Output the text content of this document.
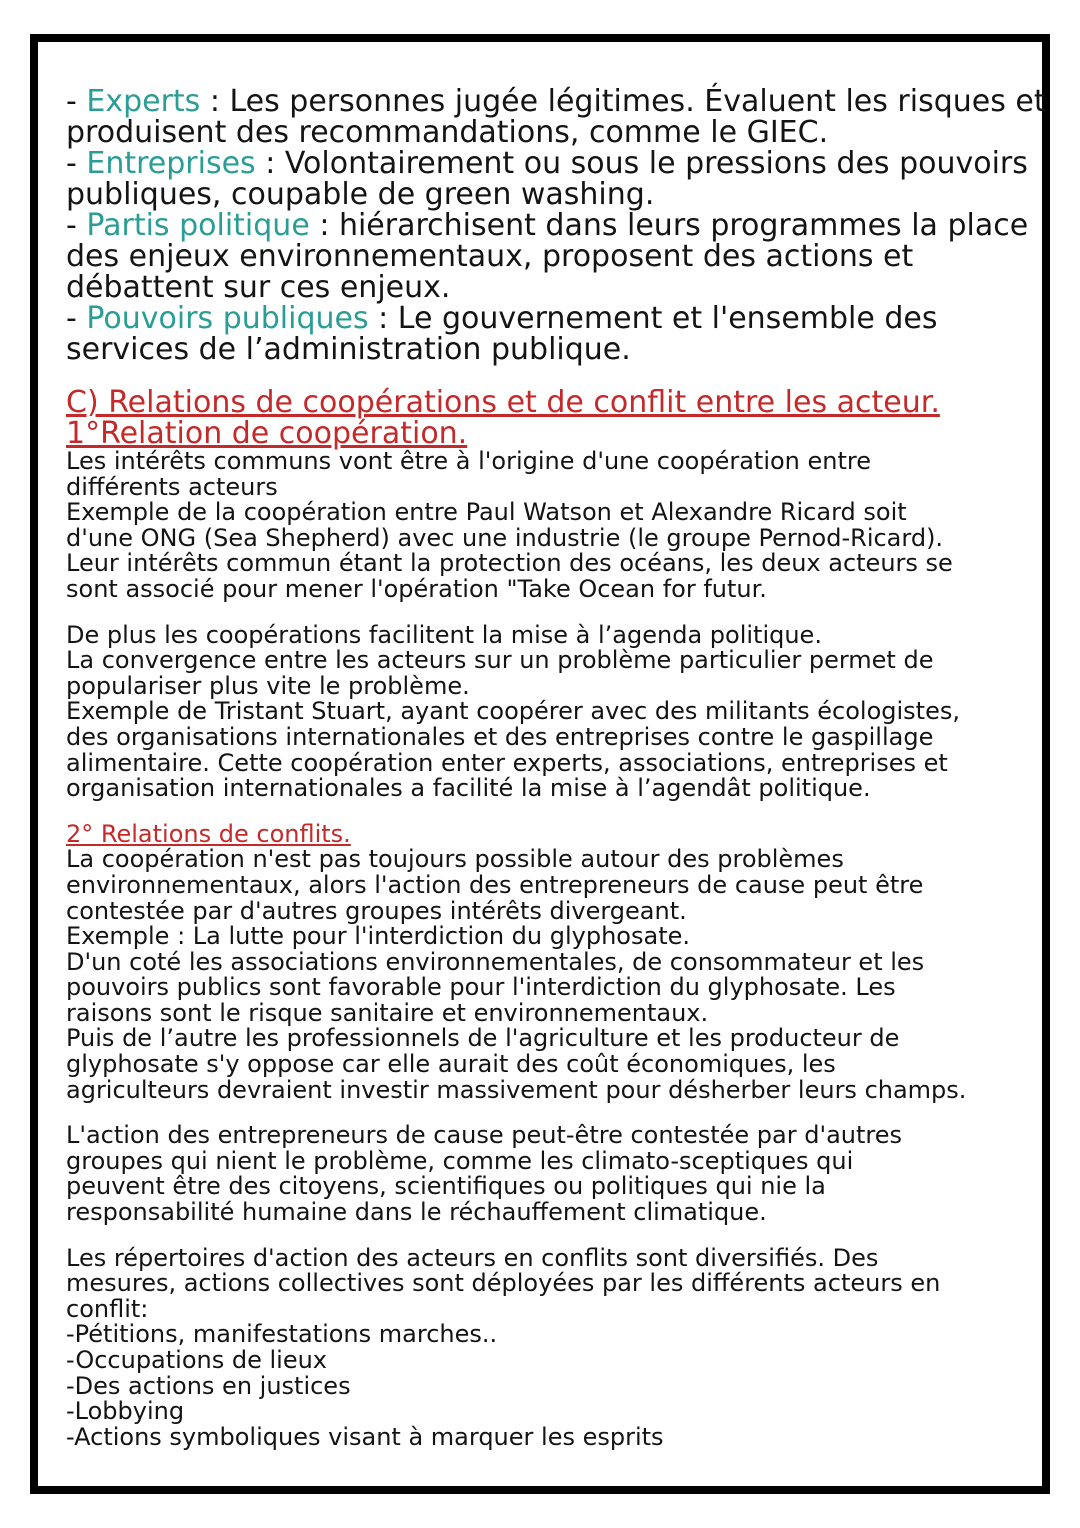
- Experts : Les personnes jugée légitimes. Évaluent les risques et
produisent des recommandations, comme le GIEC.
- Entreprises : Volontairement ou sous le pressions des pouvoirs
publiques, coupable de green washing.
- Partis politique : hiérarchisent dans leurs programmes la place
des enjeux environnementaux, proposent des actions et
débattent sur ces enjeux.
- Pouvoirs publiques : Le gouvernement et l'ensemble des
services de l’administration publique.
C) Relations de coopérations et de conflit entre les acteur.
1°Relation de coopération.
Les intérêts communs vont être à l'origine d'une coopération entre
différents acteurs
Exemple de la coopération entre Paul Watson et Alexandre Ricard soit
d'une ONG (Sea Shepherd) avec une industrie (le groupe Pernod-Ricard).
Leur intérêts commun étant la protection des océans, les deux acteurs se
sont associé pour mener l'opération "Take Ocean for futur.
De plus les coopérations facilitent la mise à l’agenda politique.
La convergence entre les acteurs sur un problème particulier permet de
populariser plus vite le problème.
Exemple de Tristant Stuart, ayant coopérer avec des militants écologistes,
des organisations internationales et des entreprises contre le gaspillage
alimentaire. Cette coopération enter experts, associations, entreprises et
organisation internationales a facilité la mise à l’agendât politique.
2° Relations de conflits.
La coopération n'est pas toujours possible autour des problèmes
environnementaux, alors l'action des entrepreneurs de cause peut être
contestée par d'autres groupes intérêts divergeant.
Exemple : La lutte pour l'interdiction du glyphosate.
D'un coté les associations environnementales, de consommateur et les
pouvoirs publics sont favorable pour l'interdiction du glyphosate. Les
raisons sont le risque sanitaire et environnementaux.
Puis de l’autre les professionnels de l'agriculture et les producteur de
glyphosate s'y oppose car elle aurait des coût économiques, les
agriculteurs devraient investir massivement pour désherber leurs champs.
L'action des entrepreneurs de cause peut-être contestée par d'autres
groupes qui nient le problème, comme les climato-sceptiques qui
peuvent être des citoyens, scientifiques ou politiques qui nie la
responsabilité humaine dans le réchauffement climatique.
Les répertoires d'action des acteurs en conflits sont diversifiés. Des
mesures, actions collectives sont déployées par les différents acteurs en
conflit:
-Pétitions, manifestations marches..
-Occupations de lieux
-Des actions en justices
-Lobbying
-Actions symboliques visant à marquer les esprits
